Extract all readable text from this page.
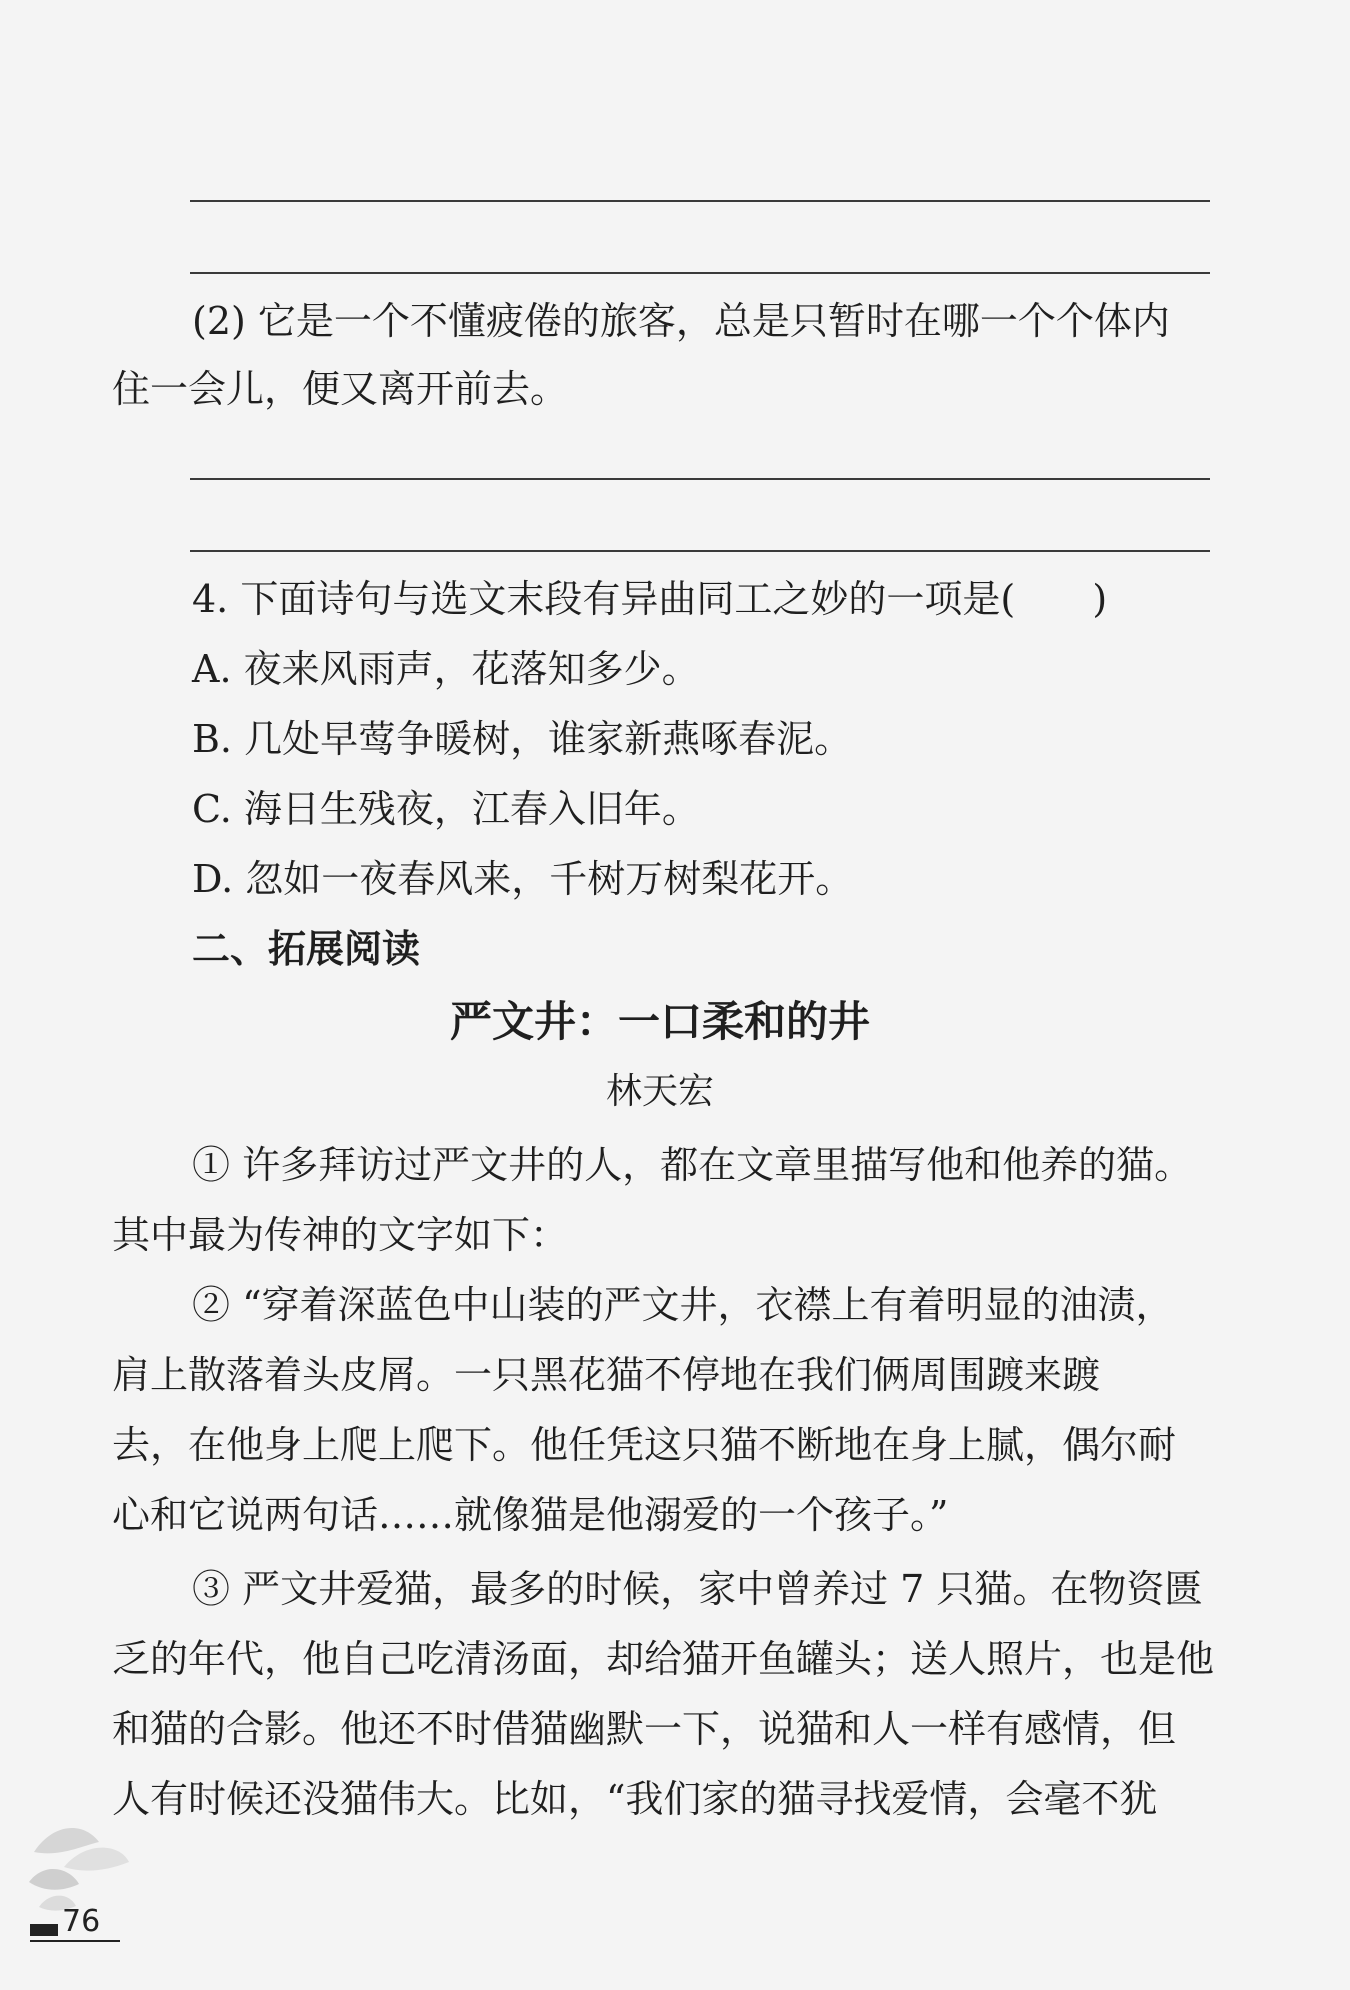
(2) 它是一个不懂疲倦的旅客，总是只暂时在哪一个个体内
住一会儿，便又离开前去。
4. 下面诗句与选文末段有异曲同工之妙的一项是( )
A. 夜来风雨声，花落知多少。
B. 几处早莺争暖树，谁家新燕啄春泥。
C. 海日生残夜，江春入旧年。
D. 忽如一夜春风来，千树万树梨花开。
二、拓展阅读
严文井：一口柔和的井
林天宏
① 许多拜访过严文井的人，都在文章里描写他和他养的猫。
其中最为传神的文字如下：
② “穿着深蓝色中山装的严文井，衣襟上有着明显的油渍，
肩上散落着头皮屑。一只黑花猫不停地在我们俩周围踱来踱
去，在他身上爬上爬下。他任凭这只猫不断地在身上腻，偶尔耐
心和它说两句话……就像猫是他溺爱的一个孩子。”
③ 严文井爱猫，最多的时候，家中曾养过 7 只猫。在物资匮
乏的年代，他自己吃清汤面，却给猫开鱼罐头；送人照片，也是他
和猫的合影。他还不时借猫幽默一下，说猫和人一样有感情，但
人有时候还没猫伟大。比如，“我们家的猫寻找爱情，会毫不犹
76
